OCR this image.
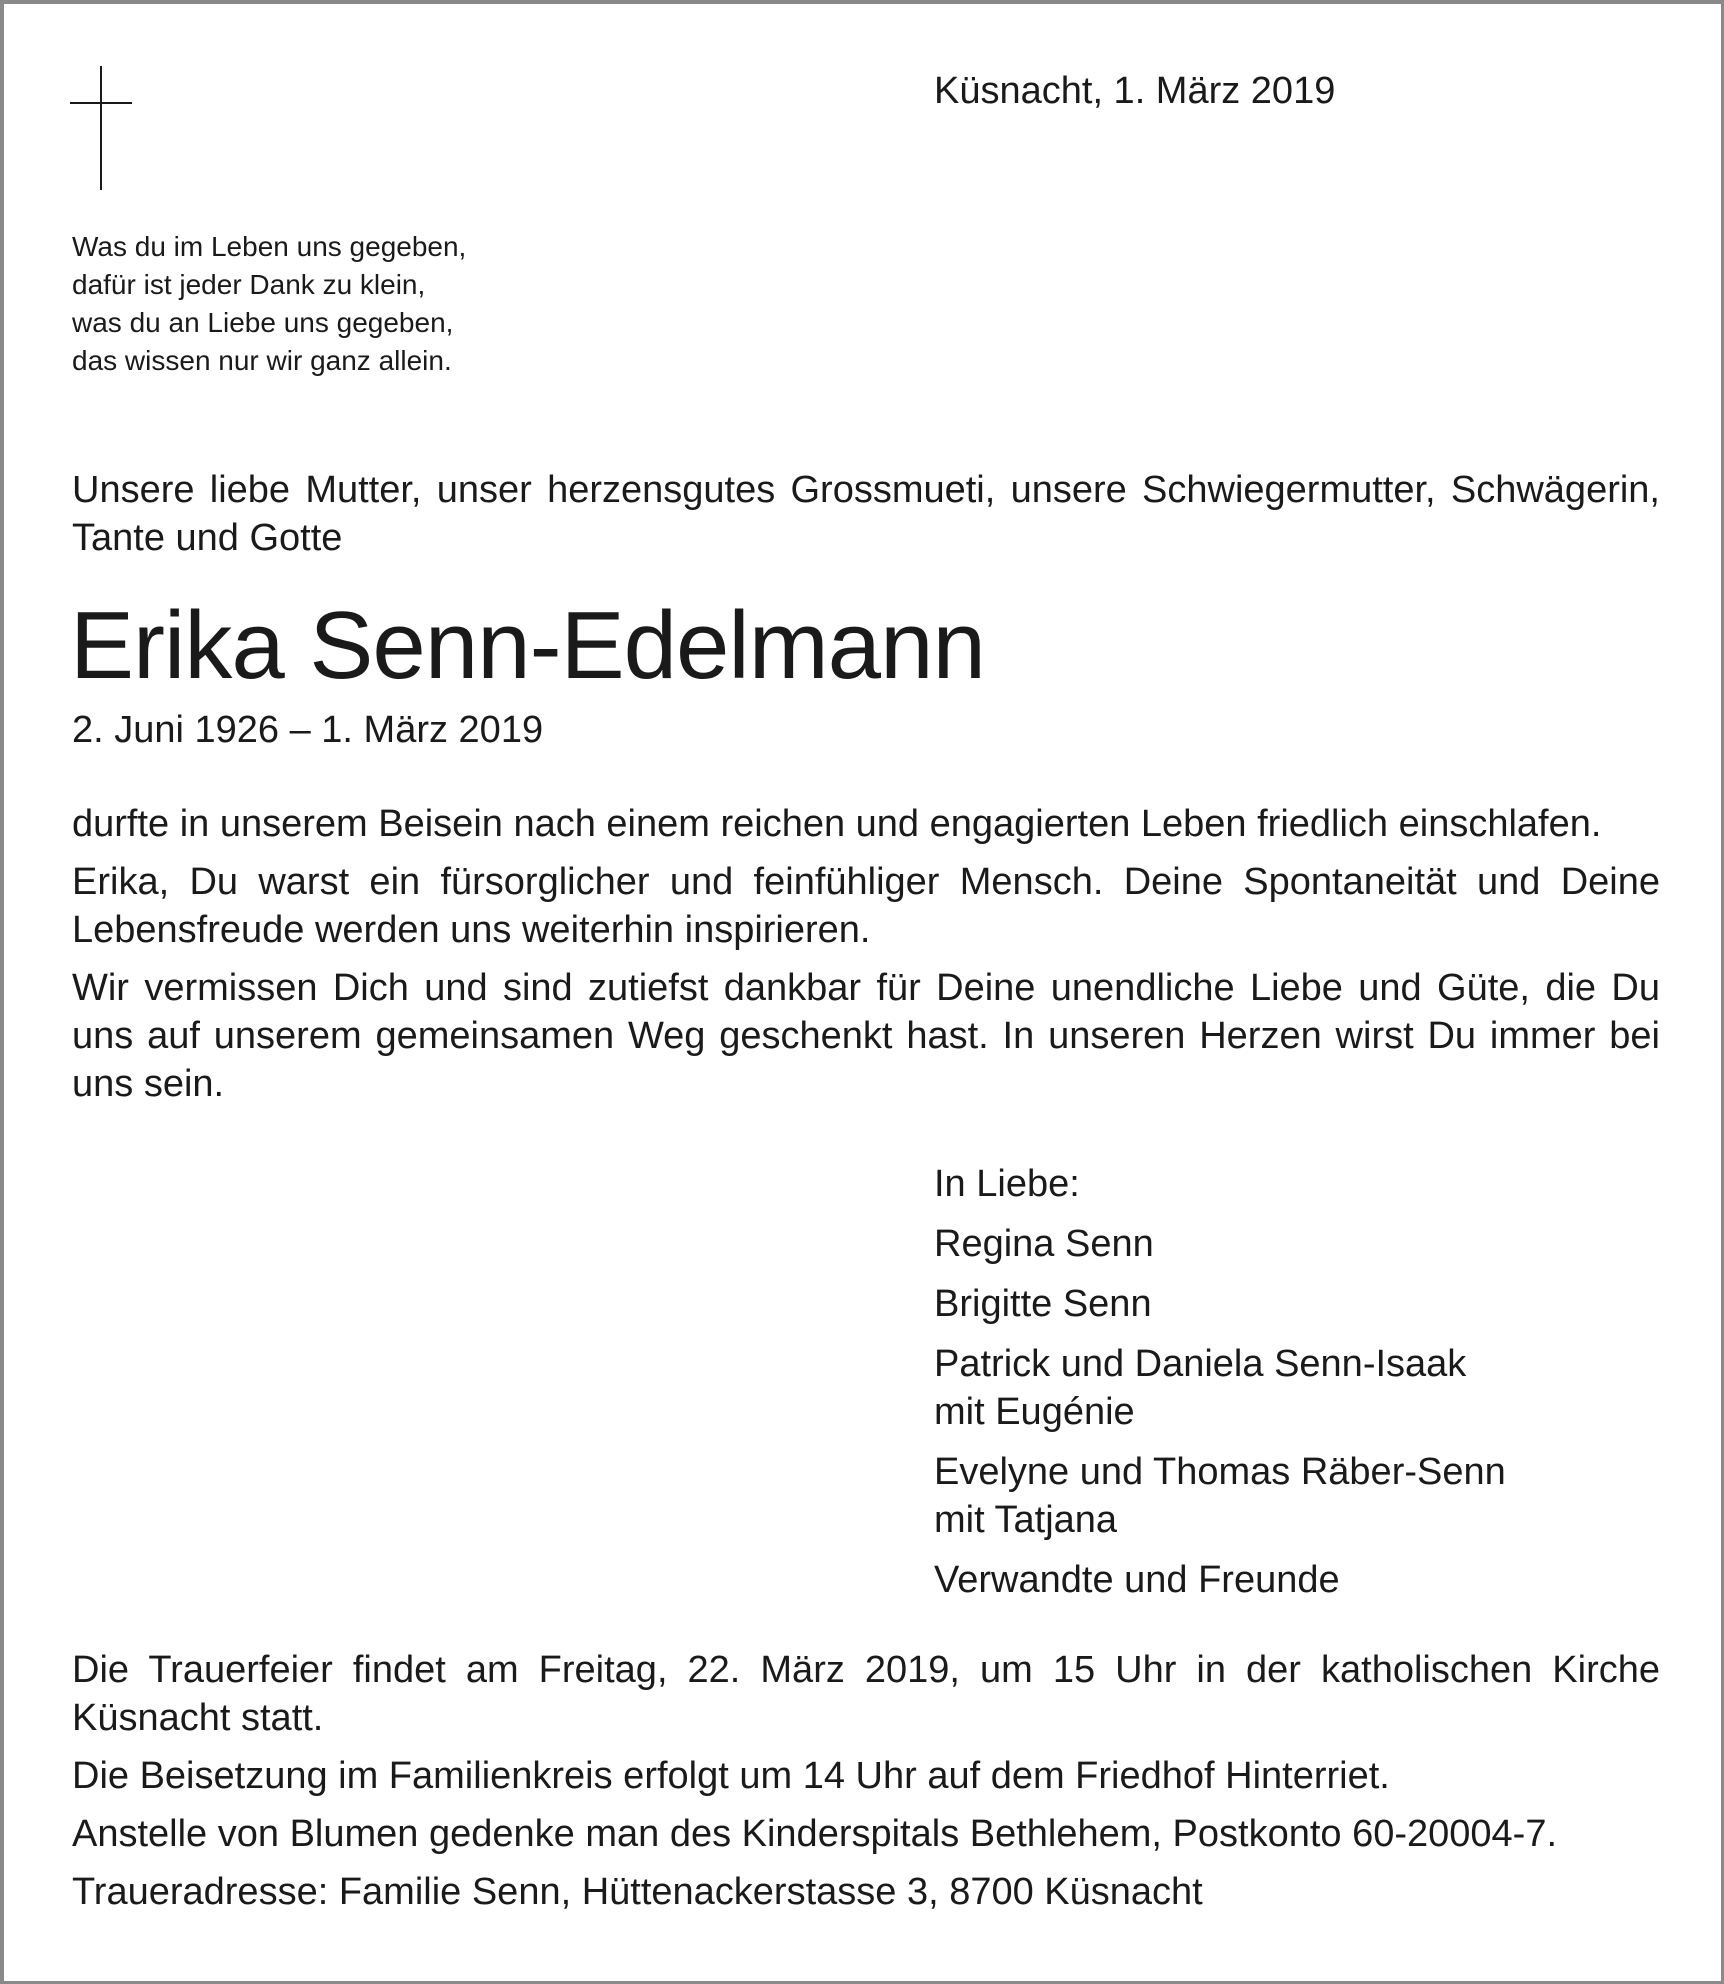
Küsnacht, 1. März 2019
Was du im Leben uns gegeben,
dafür ist jeder Dank zu klein,
was du an Liebe uns gegeben,
das wissen nur wir ganz allein.
Unsere liebe Mutter, unser herzensgutes Grossmueti, unsere Schwiegermutter, Schwägerin, Tante und Gotte
Erika Senn-Edelmann
2. Juni 1926 – 1. März 2019

durfte in unserem Beisein nach einem reichen und engagierten Leben friedlich einschlafen.

Erika, Du warst ein fürsorglicher und feinfühliger Mensch. Deine Spontaneität und Deine Lebensfreude werden uns weiterhin inspirieren.

Wir vermissen Dich und sind zutiefst dankbar für Deine unendliche Liebe und Güte, die Du uns auf unserem gemeinsamen Weg geschenkt hast. In unseren Herzen wirst Du immer bei uns sein.

In Liebe:
Regina Senn
Brigitte Senn
Patrick und Daniela Senn-Isaak
mit Eugénie
Evelyne und Thomas Räber-Senn
mit Tatjana
Verwandte und Freunde

Die Trauerfeier findet am Freitag, 22. März 2019, um 15 Uhr in der katholischen Kirche Küsnacht statt.

Die Beisetzung im Familienkreis erfolgt um 14 Uhr auf dem Friedhof Hinterriet.

Anstelle von Blumen gedenke man des Kinderspitals Bethlehem, Postkonto 60-20004-7.

Traueradresse: Familie Senn, Hüttenackerstasse 3, 8700 Küsnacht
